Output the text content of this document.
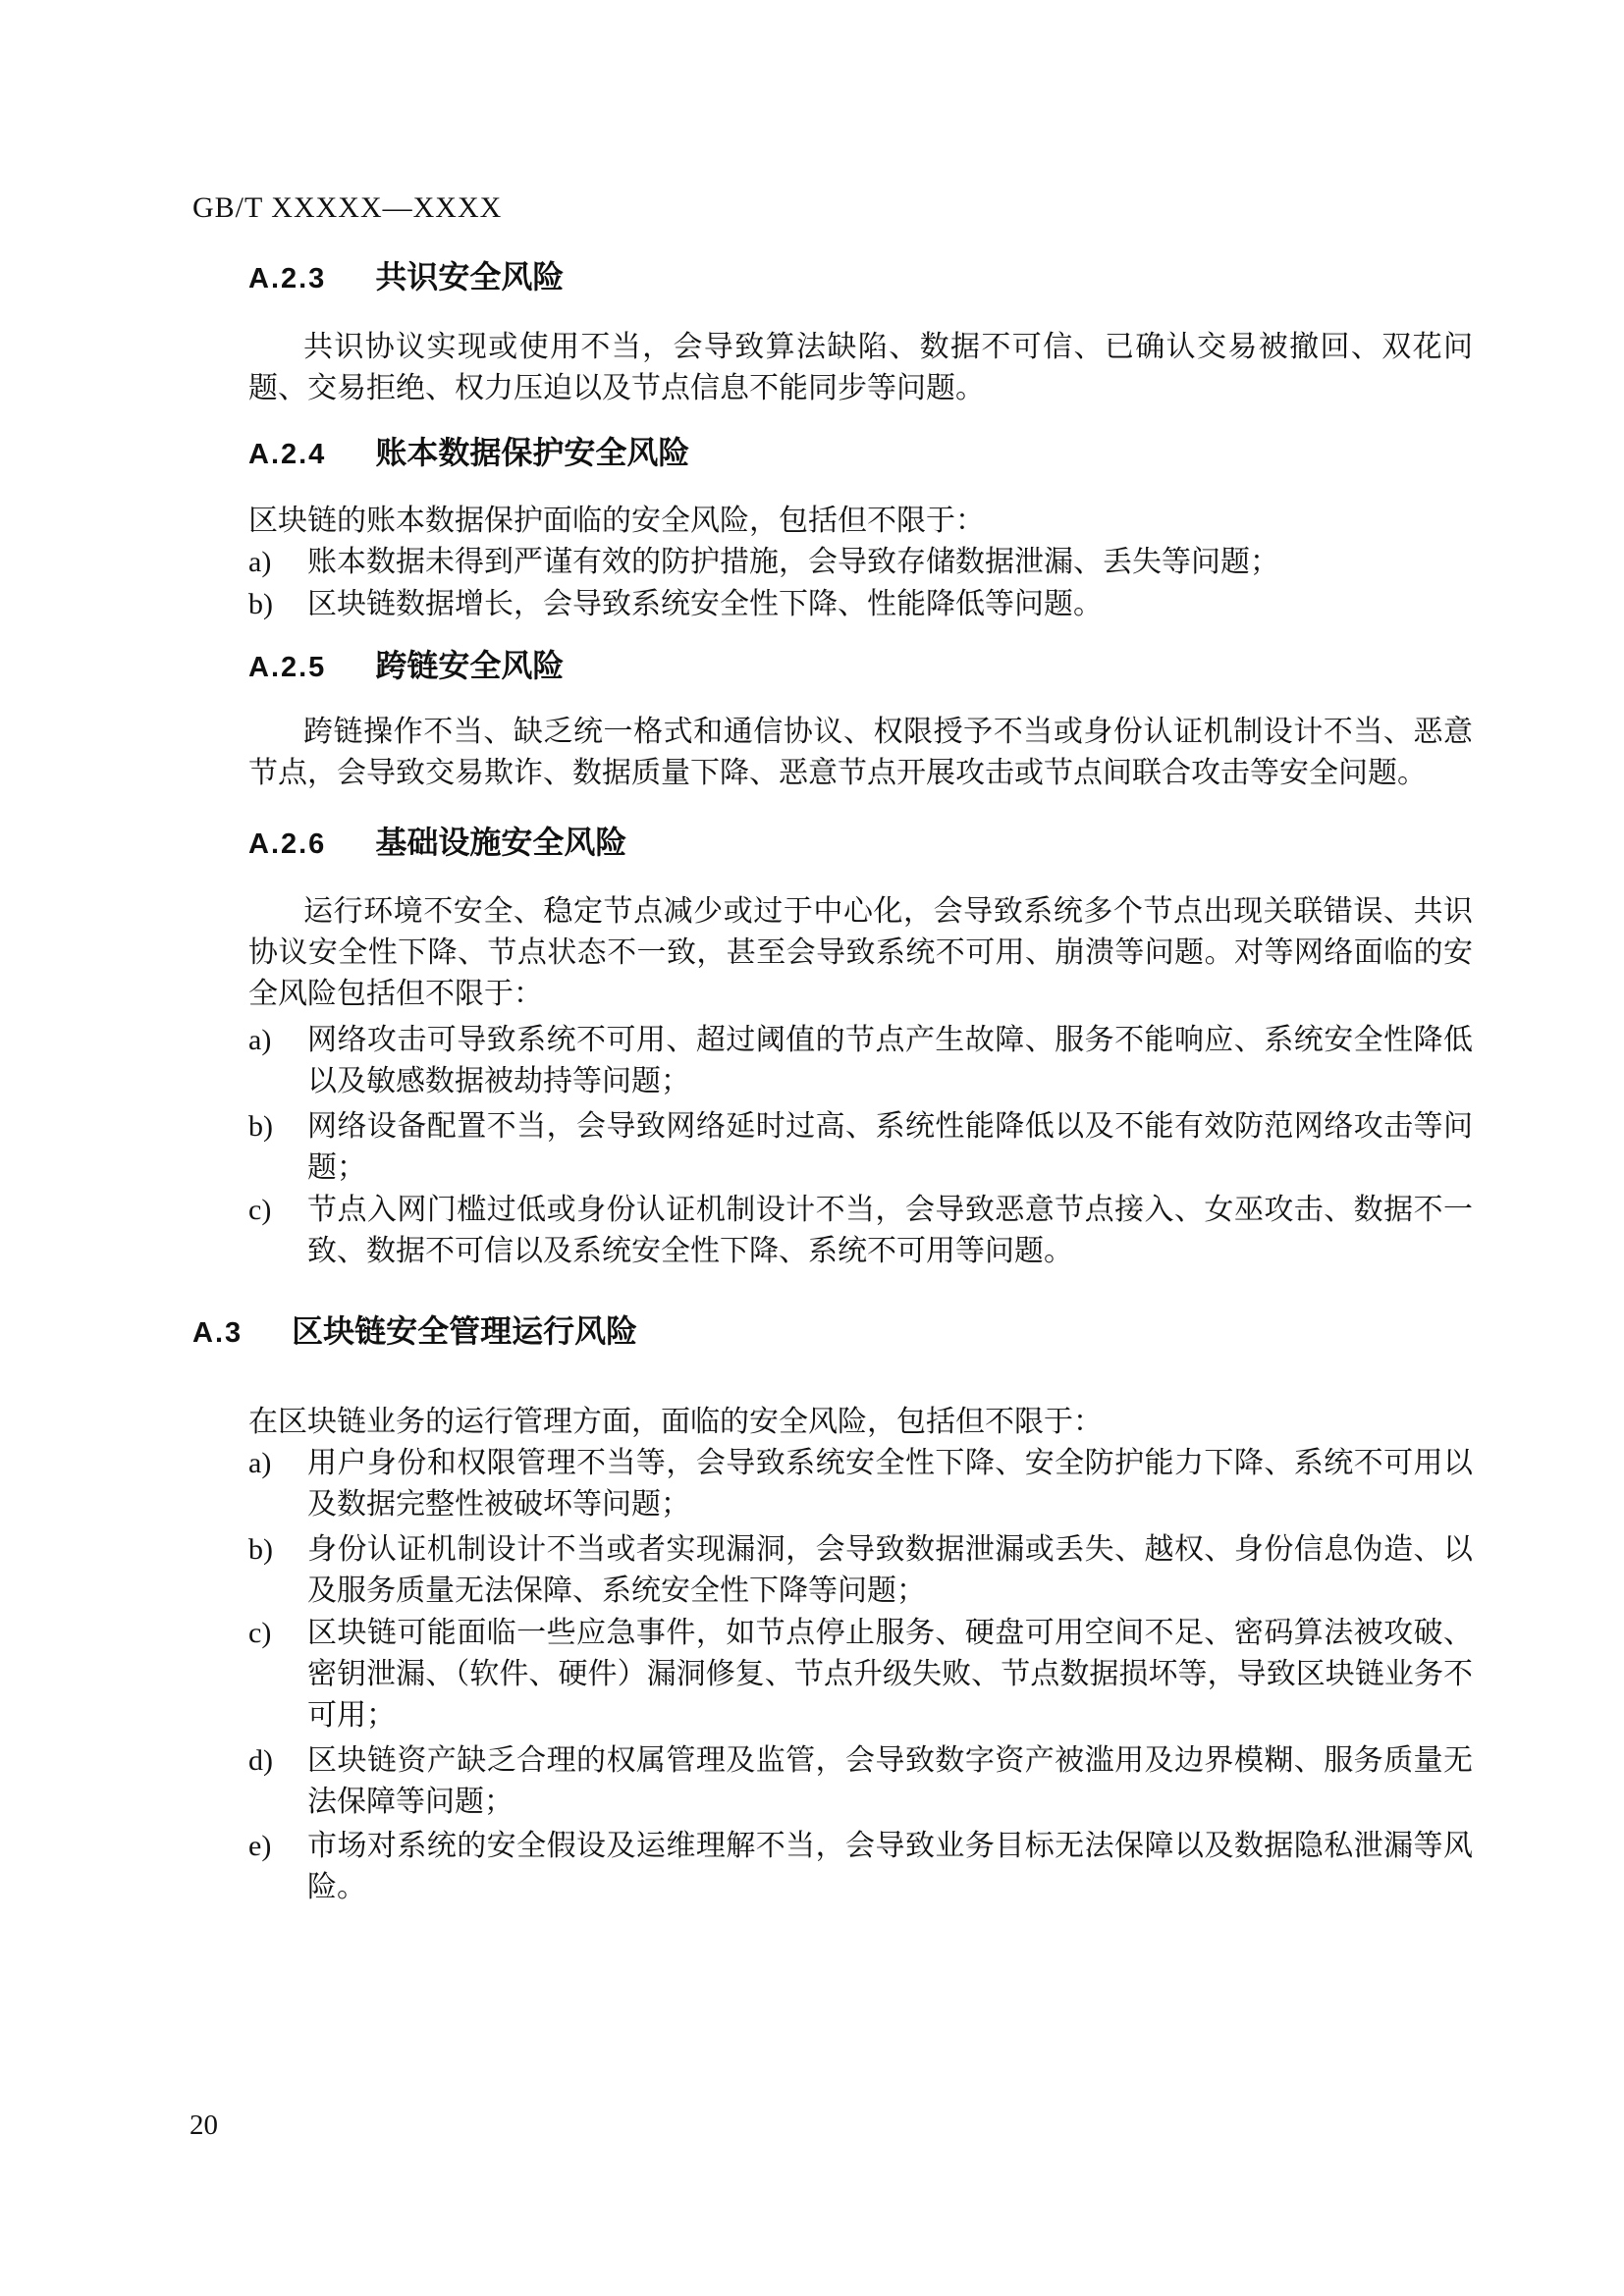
GB/T XXXXX—XXXX
A.2.3 共识安全风险

共识协议实现或使用不当，会导致算法缺陷、数据不可信、已确认交易被撤回、双花问题、交易拒绝、权力压迫以及节点信息不能同步等问题。

A.2.4 账本数据保护安全风险

区块链的账本数据保护面临的安全风险，包括但不限于：

a)	账本数据未得到严谨有效的防护措施，会导致存储数据泄漏、丢失等问题；
b)	区块链数据增长，会导致系统安全性下降、性能降低等问题。
A.2.5 跨链安全风险

跨链操作不当、缺乏统一格式和通信协议、权限授予不当或身份认证机制设计不当、恶意节点，会导致交易欺诈、数据质量下降、恶意节点开展攻击或节点间联合攻击等安全问题。

A.2.6 基础设施安全风险

运行环境不安全、稳定节点减少或过于中心化，会导致系统多个节点出现关联错误、共识协议安全性下降、节点状态不一致，甚至会导致系统不可用、崩溃等问题。对等网络面临的安全风险包括但不限于：

a)	网络攻击可导致系统不可用、超过阈值的节点产生故障、服务不能响应、系统安全性降低以及敏感数据被劫持等问题；
b)	网络设备配置不当，会导致网络延时过高、系统性能降低以及不能有效防范网络攻击等问题；
c)	节点入网门槛过低或身份认证机制设计不当，会导致恶意节点接入、女巫攻击、数据不一致、数据不可信以及系统安全性下降、系统不可用等问题。
A.3 区块链安全管理运行风险

在区块链业务的运行管理方面，面临的安全风险，包括但不限于：

a)	用户身份和权限管理不当等，会导致系统安全性下降、安全防护能力下降、系统不可用以及数据完整性被破坏等问题；
b)	身份认证机制设计不当或者实现漏洞，会导致数据泄漏或丢失、越权、身份信息伪造、以及服务质量无法保障、系统安全性下降等问题；
c)	区块链可能面临一些应急事件，如节点停止服务、硬盘可用空间不足、密码算法被攻破、密钥泄漏、（软件、硬件）漏洞修复、节点升级失败、节点数据损坏等，导致区块链业务不可用；
d)	区块链资产缺乏合理的权属管理及监管，会导致数字资产被滥用及边界模糊、服务质量无法保障等问题；
e)	市场对系统的安全假设及运维理解不当，会导致业务目标无法保障以及数据隐私泄漏等风险。
20
